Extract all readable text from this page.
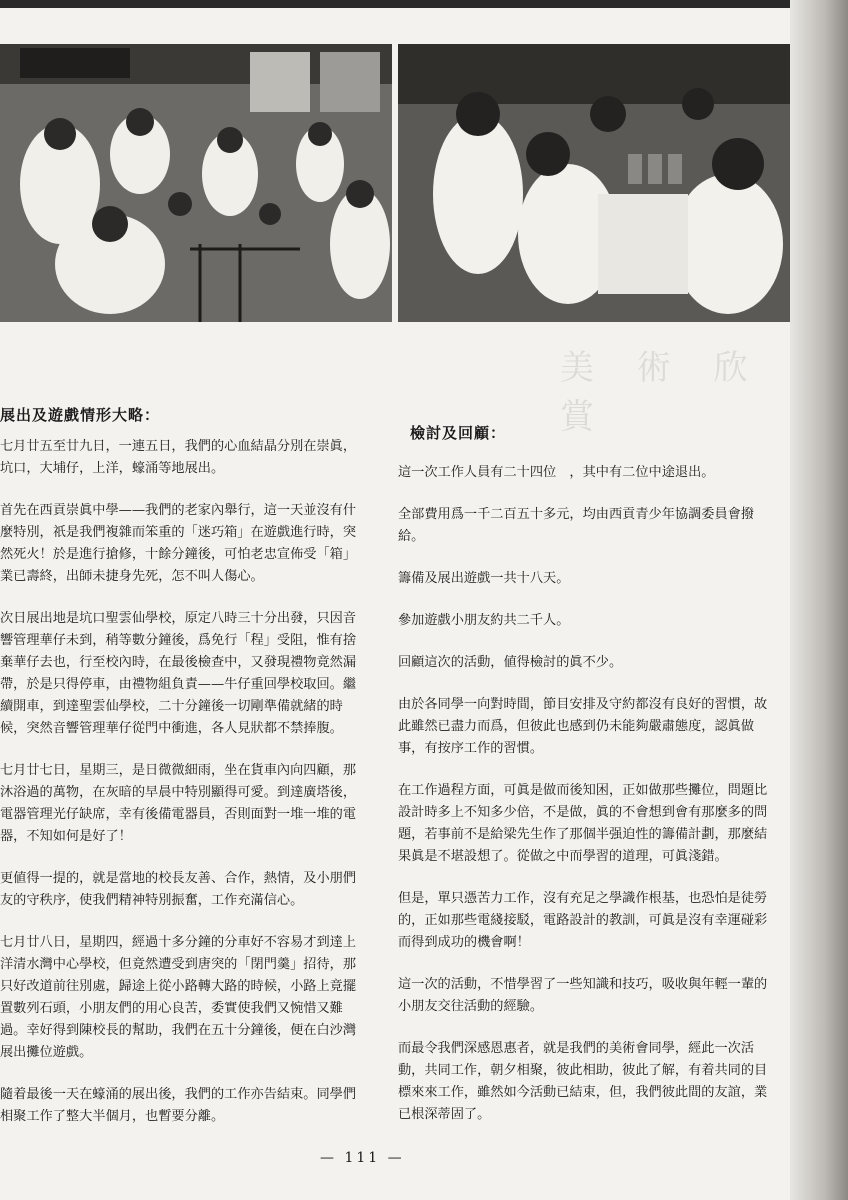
美 術 欣 賞
展出及遊戲情形大略：

七月廿五至廿九日，一連五日，我們的心血結晶分別在崇眞，坑口，大埔仔，上洋，蠔涌等地展出。

首先在西貢崇眞中學——我們的老家內舉行，這一天並沒有什麼特別，祇是我們複雜而笨重的「迷巧箱」在遊戲進行時，突然死火！於是進行搶修，十餘分鐘後，可怕老忠宣佈受「箱」業已壽終，出師未捷身先死，怎不叫人傷心。

次日展出地是坑口聖雲仙學校，原定八時三十分出發，只因音響管理華仔未到，稍等數分鐘後，爲免行「程」受阻，惟有捨棄華仔去也，行至校內時，在最後檢查中，又發現禮物竟然漏帶，於是只得停車，由禮物組負責——牛仔重回學校取回。繼續開車，到達聖雲仙學校，二十分鐘後一切剛準備就緒的時候，突然音響管理華仔從門中衝進，各人見狀都不禁捧腹。

七月廿七日，星期三，是日微微細雨，坐在貨車內向四顧，那沐浴過的萬物，在灰暗的早晨中特別顯得可愛。到達廣塔後，電器管理光仔缺席，幸有後備電器員，否則面對一堆一堆的電器，不知如何是好了！

更値得一提的，就是當地的校長友善、合作，熱情，及小朋們友的守秩序，使我們精神特別振奮，工作充滿信心。

七月廿八日，星期四，經過十多分鐘的分車好不容易才到達上洋清水灣中心學校，但竟然遭受到唐突的「閉門羹」招待，那只好改道前往別處，歸途上從小路轉大路的時候，小路上竟擺置數列石頭，小朋友們的用心良苦，委實使我們又惋惜又難過。幸好得到陳校長的幫助，我們在五十分鐘後，便在白沙灣展出攤位遊戲。

隨着最後一天在蠔涌的展出後，我們的工作亦告結束。同學們相聚工作了整大半個月，也暫要分離。

檢討及回顧：

這一次工作人員有二十四位　，其中有二位中途退出。

全部費用爲一千二百五十多元，均由西貢青少年協調委員會撥給。

籌備及展出遊戲一共十八天。

參加遊戲小朋友約共二千人。

回顧這次的活動，値得檢討的眞不少。

由於各同學一向對時間，節目安排及守約都沒有良好的習慣，故此雖然已盡力而爲，但彼此也感到仍未能夠嚴肅態度，認眞做事，有按序工作的習慣。

在工作過程方面，可眞是做而後知困，正如做那些攤位，問題比設計時多上不知多少倍，不是做，眞的不會想到會有那麼多的問題，若事前不是給梁先生作了那個半强迫性的籌備計劃，那麼結果眞是不堪設想了。從做之中而學習的道理，可眞淺錯。

但是，單只憑苦力工作，沒有充足之學識作根基，也恐怕是徒勞的，正如那些電綫接駁，電路設計的教訓，可眞是沒有幸運碰彩而得到成功的機會啊！

這一次的活動，不惜學習了一些知識和技巧，吸收與年輕一輩的小朋友交往活動的經驗。

而最令我們深感恩惠者，就是我們的美術會同學，經此一次活動，共同工作，朝夕相聚，彼此相助，彼此了解，有着共同的目標來來工作，雖然如今活動已結束，但，我們彼此間的友誼，業已根深蒂固了。

— 111 —
